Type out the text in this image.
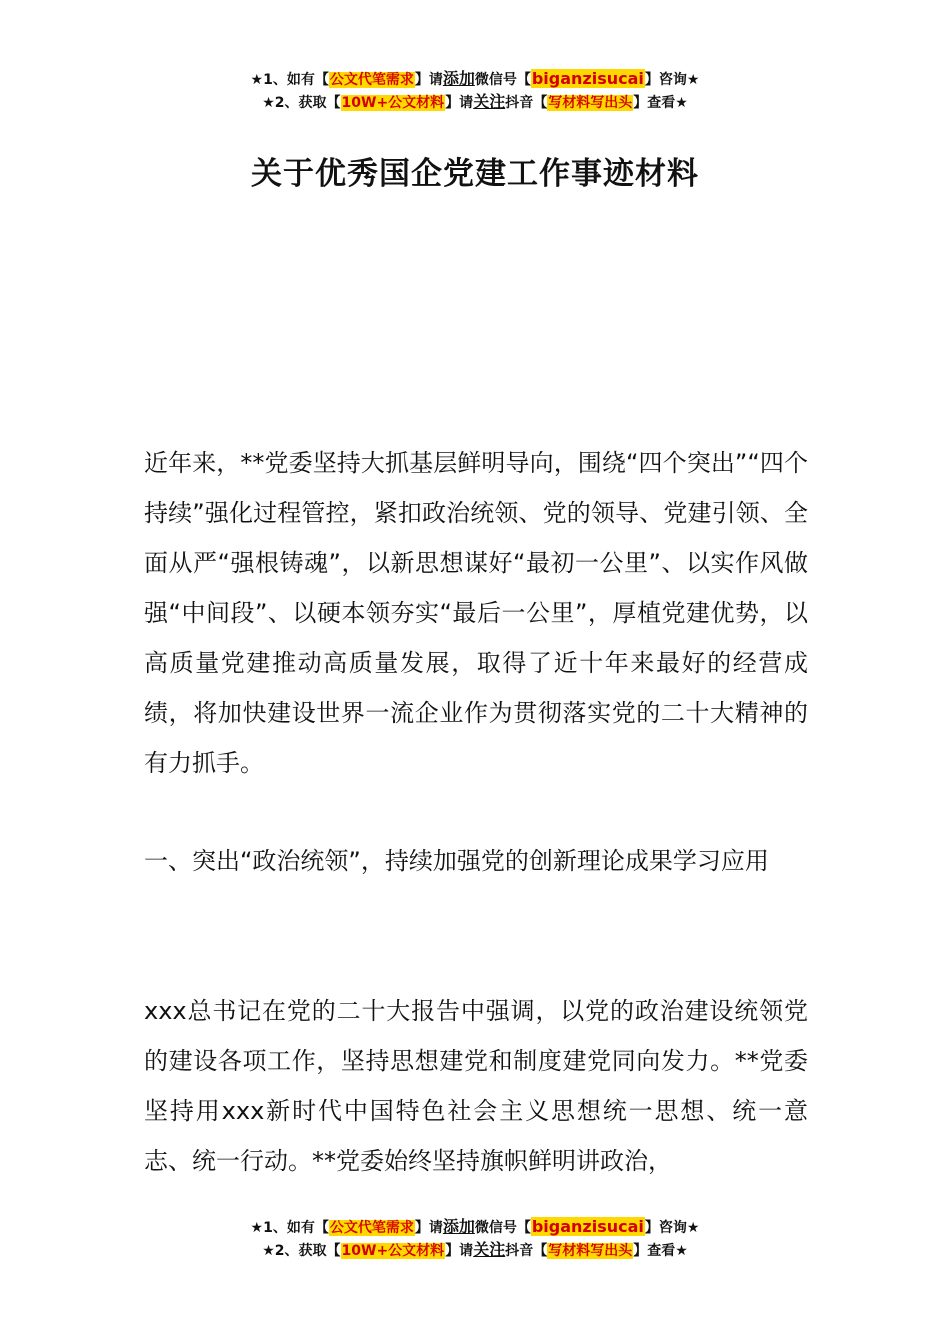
★1、如有【公文代笔需求】请添加微信号【biganzisucai】咨询★
★2、获取【10W+公文材料】请关注抖音【写材料写出头】查看★
关于优秀国企党建工作事迹材料

近年来，**党委坚持大抓基层鲜明导向，围绕“四个突出”“四个持续”强化过程管控，紧扣政治统领、党的领导、党建引领、全面从严“强根铸魂”，以新思想谋好“最初一公里”、以实作风做强“中间段”、以硬本领夯实“最后一公里”，厚植党建优势，以高质量党建推动高质量发展，取得了近十年来最好的经营成绩，将加快建设世界一流企业作为贯彻落实党的二十大精神的有力抓手。

一、突出“政治统领”，持续加强党的创新理论成果学习应用

xxx总书记在党的二十大报告中强调，以党的政治建设统领党的建设各项工作，坚持思想建党和制度建党同向发力。**党委坚持用xxx新时代中国特色社会主义思想统一思想、统一意志、统一行动。**党委始终坚持旗帜鲜明讲政治，

★1、如有【公文代笔需求】请添加微信号【biganzisucai】咨询★
★2、获取【10W+公文材料】请关注抖音【写材料写出头】查看★
